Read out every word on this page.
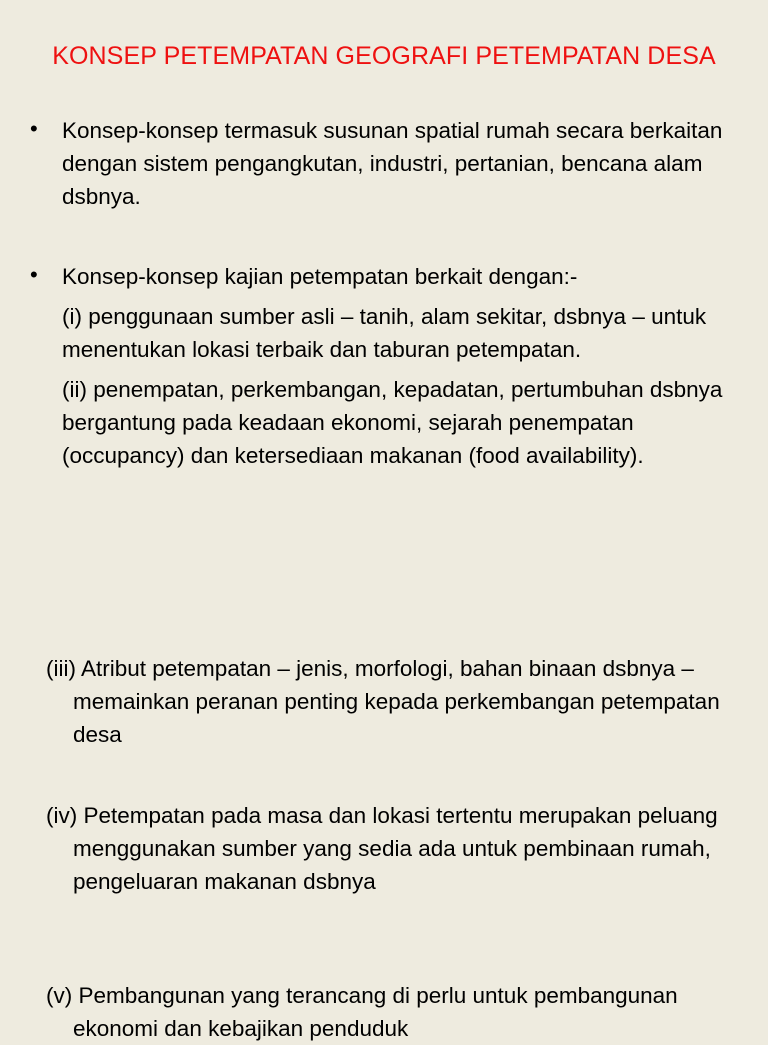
KONSEP PETEMPATAN GEOGRAFI PETEMPATAN DESA
•	Konsep-konsep termasuk susunan spatial rumah secara berkaitan dengan sistem pengangkutan, industri, pertanian, bencana alam dsbnya.
•	Konsep-konsep kajian petempatan berkait dengan:-
(i) penggunaan sumber asli – tanih, alam sekitar, dsbnya – untuk menentukan lokasi terbaik dan taburan petempatan.
(ii) penempatan, perkembangan, kepadatan, pertumbuhan dsbnya bergantung pada keadaan ekonomi, sejarah penempatan (occupancy) dan ketersediaan makanan (food availability).
(iii) Atribut petempatan – jenis, morfologi, bahan binaan dsbnya – memainkan peranan penting kepada perkembangan petempatan desa
(iv) Petempatan pada masa dan lokasi tertentu merupakan peluang menggunakan sumber yang sedia ada untuk pembinaan rumah, pengeluaran makanan dsbnya
(v) Pembangunan yang terancang di perlu untuk pembangunan ekonomi dan kebajikan penduduk
